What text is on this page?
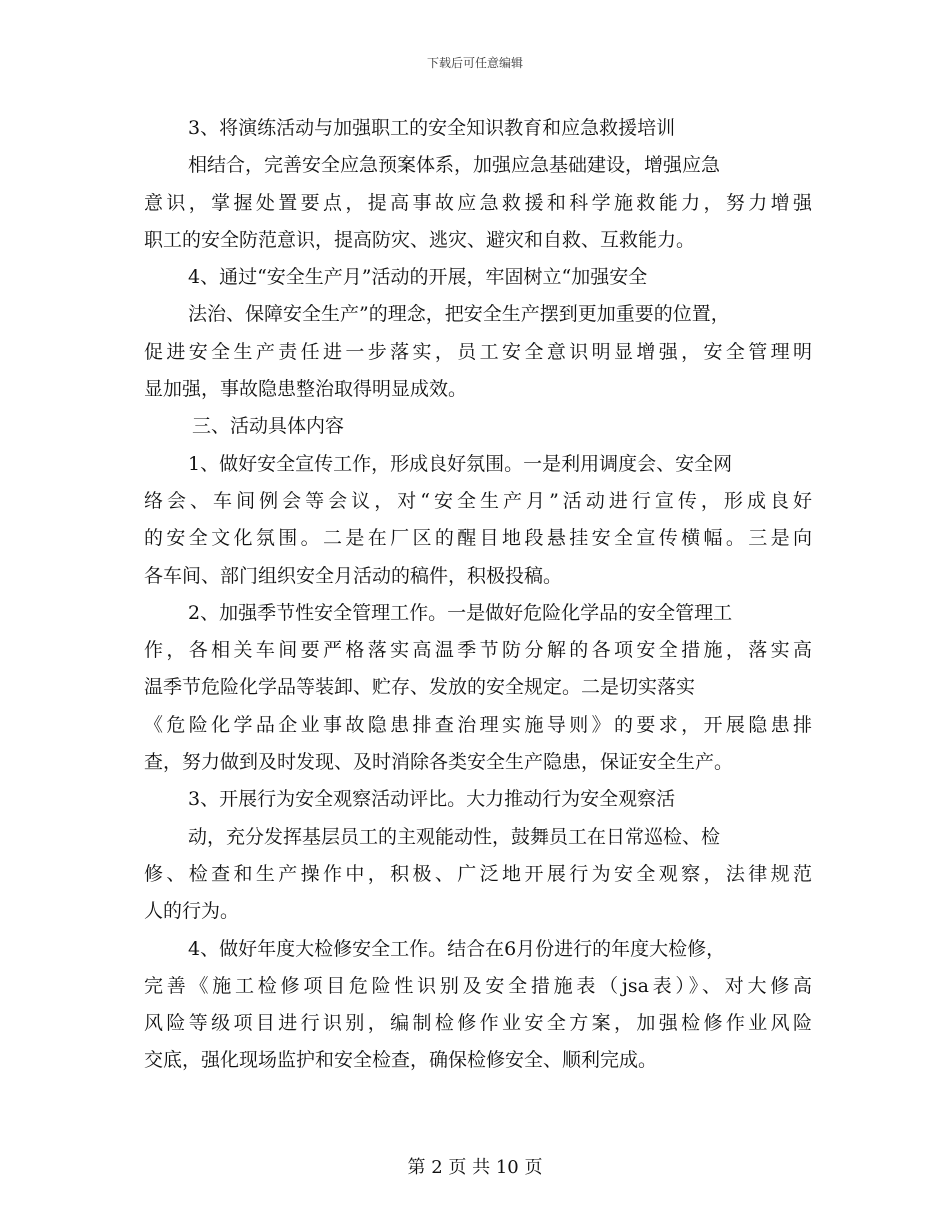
下载后可任意编辑
3、将演练活动与加强职工的安全知识教育和应急救援培训
相结合，完善安全应急预案体系，加强应急基础建设，增强应急
意识，掌握处置要点，提高事故应急救援和科学施救能力，努力增强
职工的安全防范意识，提高防灾、逃灾、避灾和自救、互救能力。
4、通过“安全生产月”活动的开展，牢固树立“加强安全
法治、保障安全生产”的理念，把安全生产摆到更加重要的位置，
促进安全生产责任进一步落实，员工安全意识明显增强，安全管理明
显加强，事故隐患整治取得明显成效。
三、活动具体内容
1、做好安全宣传工作，形成良好氛围。一是利用调度会、安全网
络会、车间例会等会议，对“安全生产月”活动进行宣传，形成良好
的安全文化氛围。二是在厂区的醒目地段悬挂安全宣传横幅。三是向
各车间、部门组织安全月活动的稿件，积极投稿。
2、加强季节性安全管理工作。一是做好危险化学品的安全管理工
作，各相关车间要严格落实高温季节防分解的各项安全措施，落实高
温季节危险化学品等装卸、贮存、发放的安全规定。二是切实落实
《危险化学品企业事故隐患排查治理实施导则》的要求，开展隐患排
查，努力做到及时发现、及时消除各类安全生产隐患，保证安全生产。
3、开展行为安全观察活动评比。大力推动行为安全观察活
动，充分发挥基层员工的主观能动性，鼓舞员工在日常巡检、检
修、检查和生产操作中，积极、广泛地开展行为安全观察，法律规范
人的行为。
4、做好年度大检修安全工作。结合在6月份进行的年度大检修，
完善《施工检修项目危险性识别及安全措施表（jsa表）》、对大修高
风险等级项目进行识别，编制检修作业安全方案，加强检修作业风险
交底，强化现场监护和安全检查，确保检修安全、顺利完成。
第 2 页 共 10 页
